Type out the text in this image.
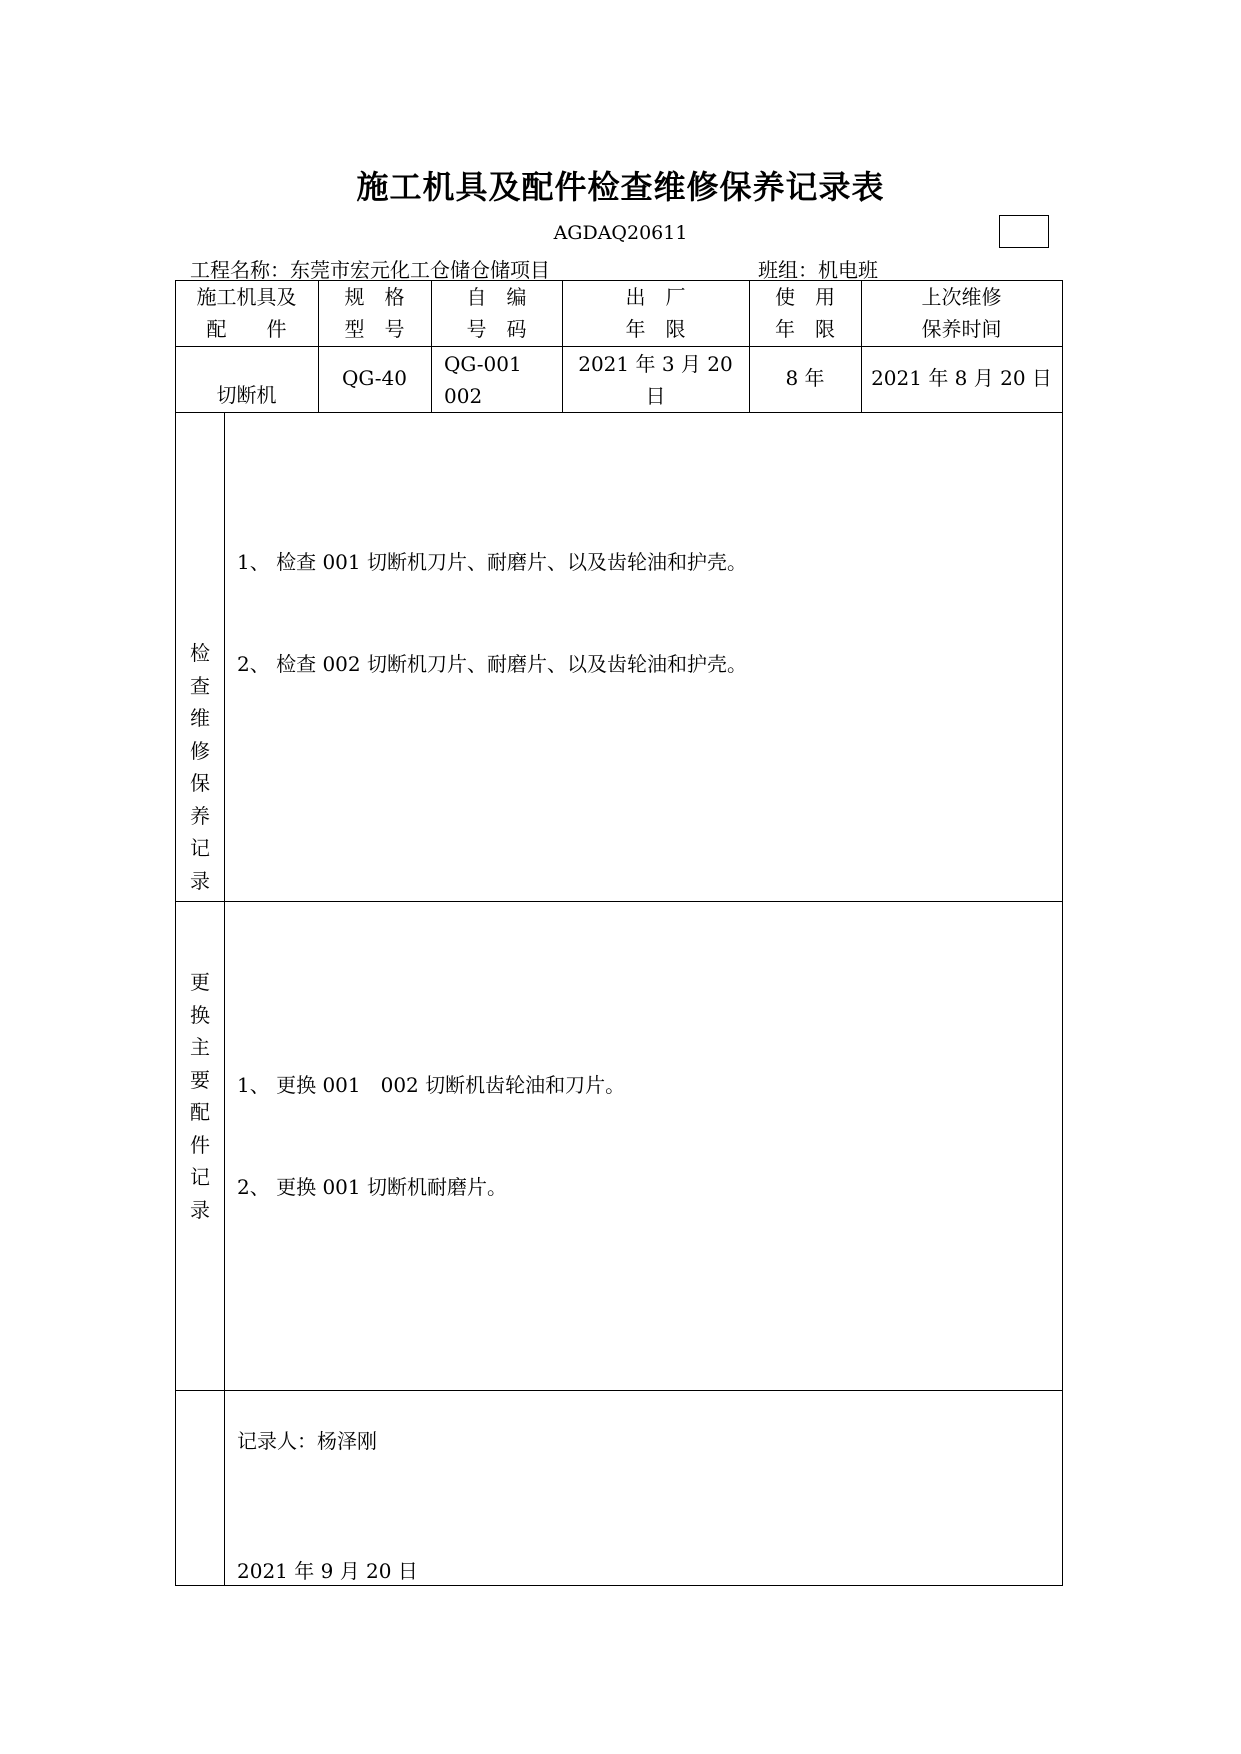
施工机具及配件检查维修保养记录表
AGDAQ20611
工程名称：东莞市宏元化工仓储仓储项目	班组：机电班
施工机具及
配　　件
规　格
型　号
自　编
号　码
出　厂
年　限
使　用
年　限
上次维修
保养时间
切断机
QG-40
QG-001
002
2021 年 3 月 20
日
8 年	2021 年 8 月 20 日
检查维修保养记录

1、 检查 001 切断机刀片、耐磨片、以及齿轮油和护壳。

2、 检查 002 切断机刀片、耐磨片、以及齿轮油和护壳。

更换主要配件记录

1、 更换 001　002 切断机齿轮油和刀片。

2、 更换 001 切断机耐磨片。

记录人：杨泽刚
2021 年 9 月 20 日
